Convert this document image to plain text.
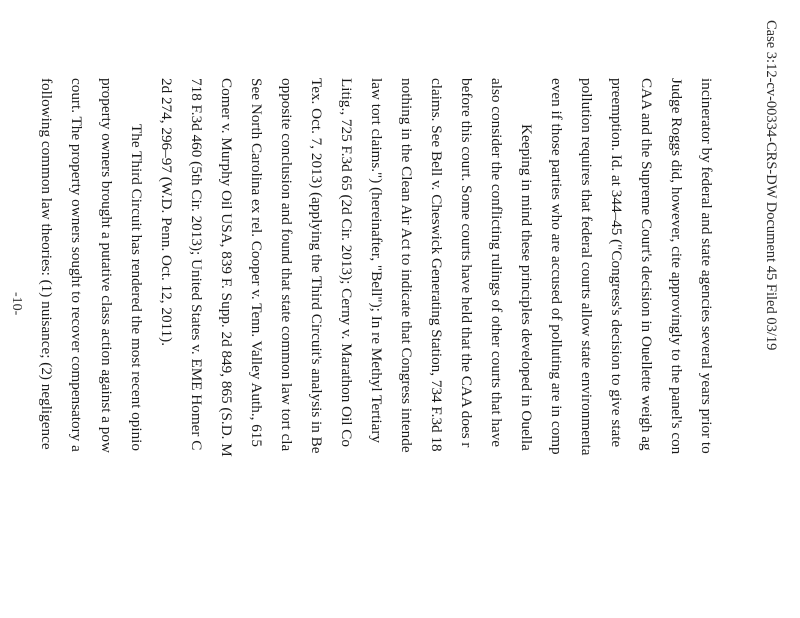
Case 3:12-cv-00334-CRS-DW Document 45 Filed 03/19
incinerator by federal and state agencies several years prior to
Judge Roggs did, however, cite approvingly to the panel's con
CAA and the Supreme Court's decision in Ouellette weigh ag
preemption. Id. at 344–45 ("Congress's decision to give state
pollution requires that federal courts allow state environmenta
even if those parties who are accused of polluting are in comp
Keeping in mind these principles developed in Ouella
also consider the conflicting rulings of other courts that have
before this court. Some courts have held that the CAA does r
claims. See Bell v. Cheswick Generating Station, 734 F.3d 18
nothing in the Clean Air Act to indicate that Congress intende
law tort claims.") (hereinafter, "Bell"); In re Methyl Tertiary
Litig., 725 F.3d 65 (2d Cir. 2013); Cerny v. Marathon Oil Co
Tex. Oct. 7, 2013) (applying the Third Circuit's analysis in Be
opposite conclusion and found that state common law tort cla
See North Carolina ex rel. Cooper v. Tenn. Valley Auth., 615
Comer v. Murphy Oil USA, 839 F. Supp. 2d 849, 865 (S.D. M
718 F.3d 460 (5th Cir. 2013); United States v. EME Homer C
2d 274, 296–97 (W.D. Penn. Oct. 12, 2011).
The Third Circuit has rendered the most recent opinio
property owners brought a putative class action against a pow
court. The property owners sought to recover compensatory a
following common law theories: (1) nuisance; (2) negligence
-10-
